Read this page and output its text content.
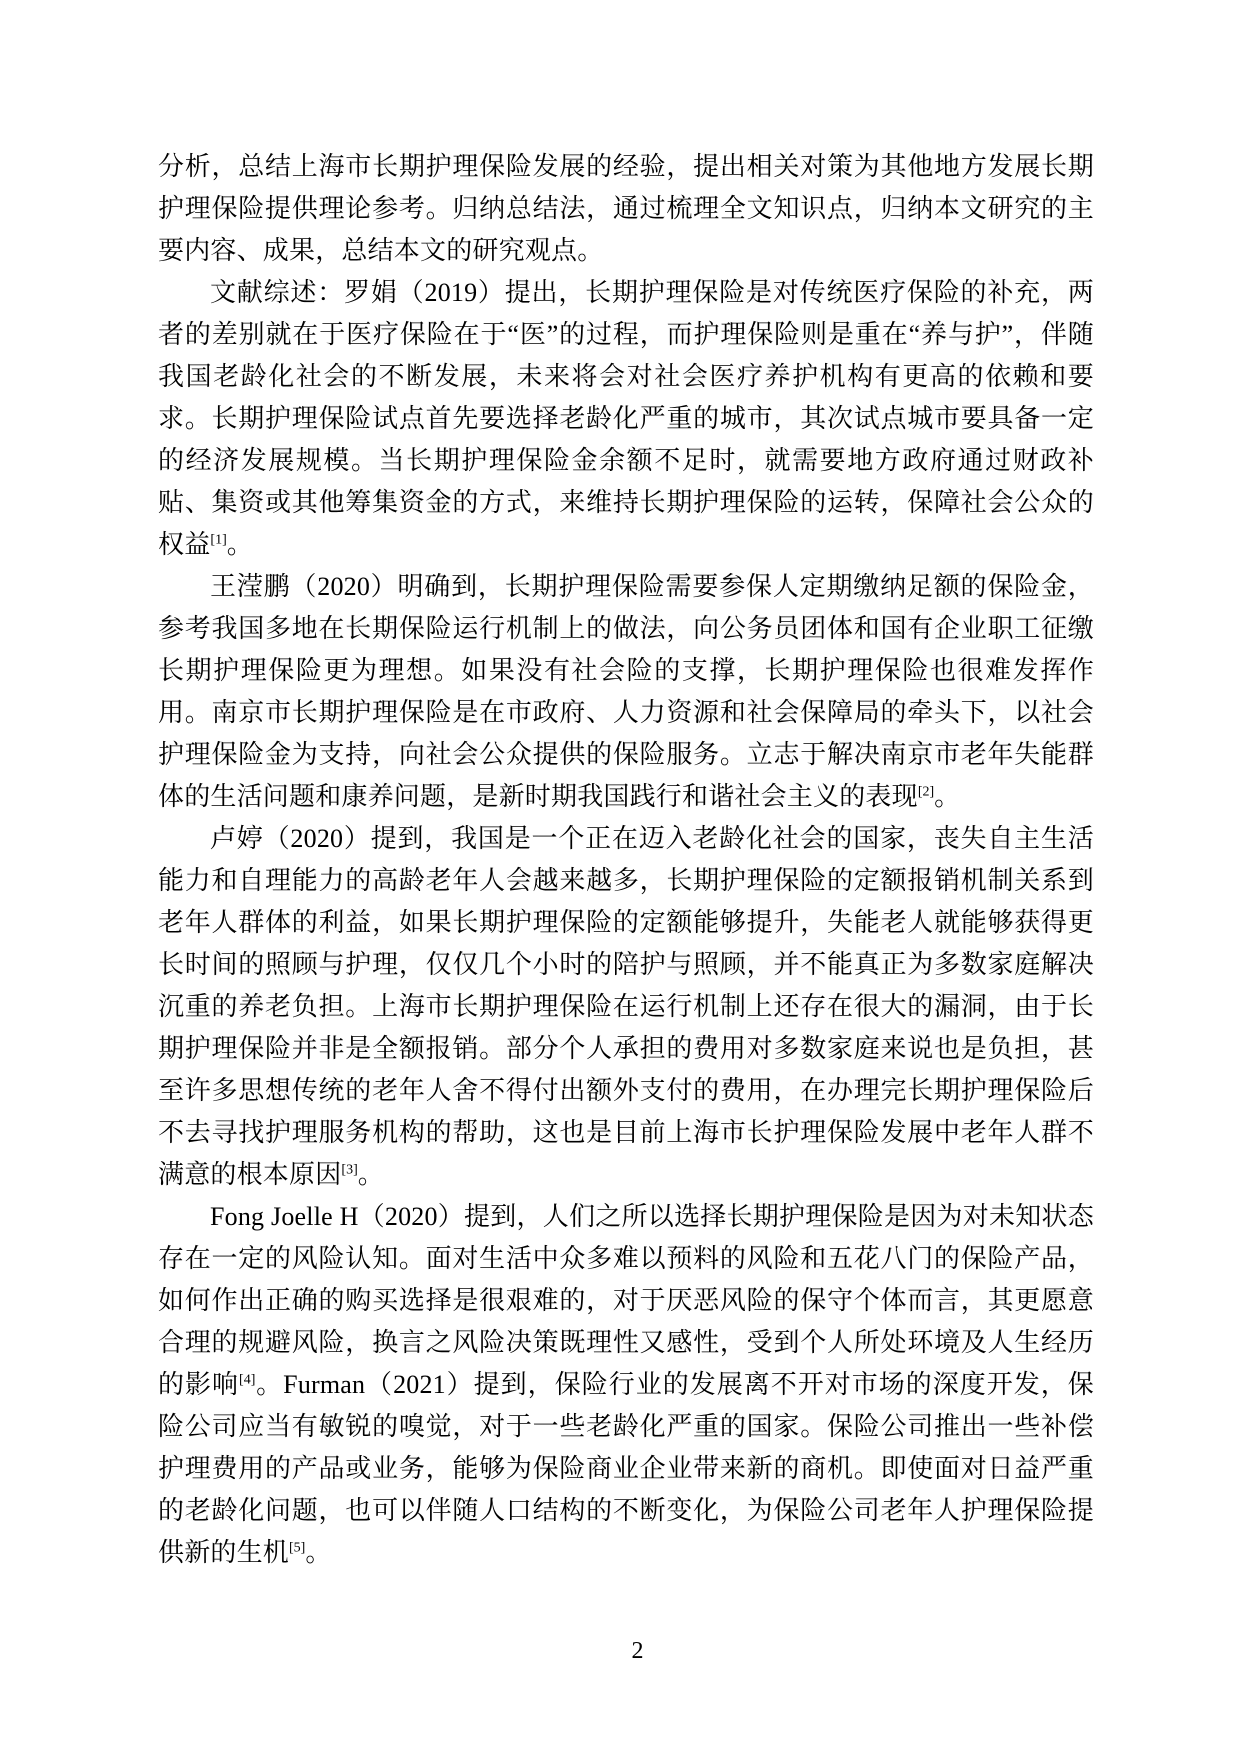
分析，总结上海市长期护理保险发展的经验，提出相关对策为其他地方发展长期护理保险提供理论参考。归纳总结法，通过梳理全文知识点，归纳本文研究的主要内容、成果，总结本文的研究观点。

文献综述：罗娟（2019）提出，长期护理保险是对传统医疗保险的补充，两者的差别就在于医疗保险在于“医”的过程，而护理保险则是重在“养与护”，伴随我国老龄化社会的不断发展，未来将会对社会医疗养护机构有更高的依赖和要求。长期护理保险试点首先要选择老龄化严重的城市，其次试点城市要具备一定的经济发展规模。当长期护理保险金余额不足时，就需要地方政府通过财政补贴、集资或其他筹集资金的方式，来维持长期护理保险的运转，保障社会公众的权益[1]。

王滢鹏（2020）明确到，长期护理保险需要参保人定期缴纳足额的保险金，参考我国多地在长期保险运行机制上的做法，向公务员团体和国有企业职工征缴长期护理保险更为理想。如果没有社会险的支撑，长期护理保险也很难发挥作用。南京市长期护理保险是在市政府、人力资源和社会保障局的牵头下，以社会护理保险金为支持，向社会公众提供的保险服务。立志于解决南京市老年失能群体的生活问题和康养问题，是新时期我国践行和谐社会主义的表现[2]。

卢婷（2020）提到，我国是一个正在迈入老龄化社会的国家，丧失自主生活能力和自理能力的高龄老年人会越来越多，长期护理保险的定额报销机制关系到老年人群体的利益，如果长期护理保险的定额能够提升，失能老人就能够获得更长时间的照顾与护理，仅仅几个小时的陪护与照顾，并不能真正为多数家庭解决沉重的养老负担。上海市长期护理保险在运行机制上还存在很大的漏洞，由于长期护理保险并非是全额报销。部分个人承担的费用对多数家庭来说也是负担，甚至许多思想传统的老年人舍不得付出额外支付的费用，在办理完长期护理保险后不去寻找护理服务机构的帮助，这也是目前上海市长护理保险发展中老年人群不满意的根本原因[3]。

Fong Joelle H（2020）提到，人们之所以选择长期护理保险是因为对未知状态存在一定的风险认知。面对生活中众多难以预料的风险和五花八门的保险产品，如何作出正确的购买选择是很艰难的，对于厌恶风险的保守个体而言，其更愿意合理的规避风险，换言之风险决策既理性又感性，受到个人所处环境及人生经历的影响[4]。Furman（2021）提到，保险行业的发展离不开对市场的深度开发，保险公司应当有敏锐的嗅觉，对于一些老龄化严重的国家。保险公司推出一些补偿护理费用的产品或业务，能够为保险商业企业带来新的商机。即使面对日益严重的老龄化问题，也可以伴随人口结构的不断变化，为保险公司老年人护理保险提供新的生机[5]。

2
